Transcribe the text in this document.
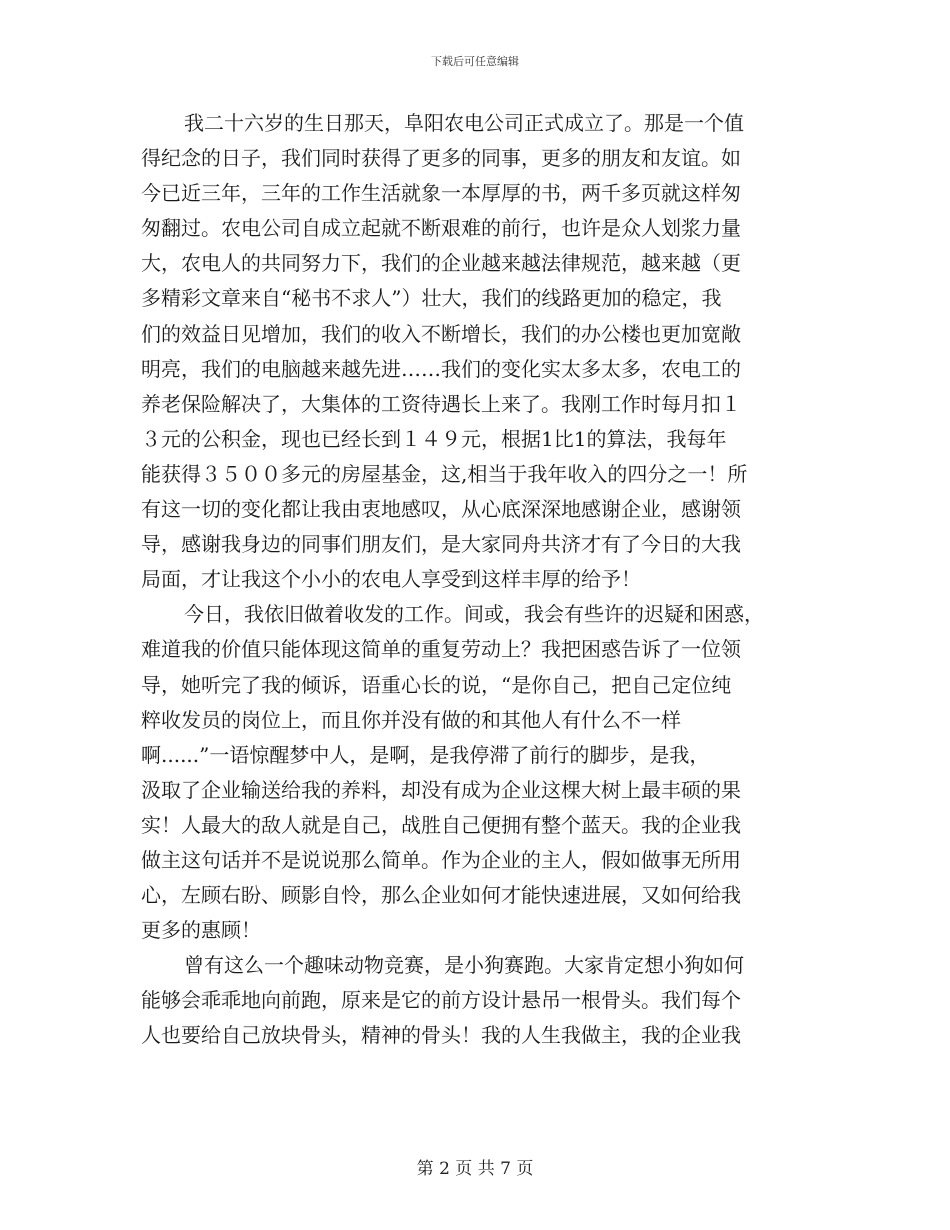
下载后可任意编辑
我二十六岁的生日那天，阜阳农电公司正式成立了。那是一个值
得纪念的日子，我们同时获得了更多的同事，更多的朋友和友谊。如
今已近三年，三年的工作生活就象一本厚厚的书，两千多页就这样匆
匆翻过。农电公司自成立起就不断艰难的前行，也许是众人划浆力量
大，农电人的共同努力下，我们的企业越来越法律规范，越来越（更
多精彩文章来自“秘书不求人”）壮大，我们的线路更加的稳定，我
们的效益日见增加，我们的收入不断增长，我们的办公楼也更加宽敞
明亮，我们的电脑越来越先进……我们的变化实太多太多，农电工的
养老保险解决了，大集体的工资待遇长上来了。我刚工作时每月扣１
３元的公积金，现也已经长到１４９元，根据1比1的算法，我每年
能获得３５００多元的房屋基金，这,相当于我年收入的四分之一！所
有这一切的变化都让我由衷地感叹，从心底深深地感谢企业，感谢领
导，感谢我身边的同事们朋友们，是大家同舟共济才有了今日的大我
局面，才让我这个小小的农电人享受到这样丰厚的给予！
今日，我依旧做着收发的工作。间或，我会有些许的迟疑和困惑，
难道我的价值只能体现这简单的重复劳动上？我把困惑告诉了一位领
导，她听完了我的倾诉，语重心长的说，“是你自己，把自己定位纯
粹收发员的岗位上，而且你并没有做的和其他人有什么不一样
啊......”一语惊醒梦中人，是啊，是我停滞了前行的脚步，是我，
汲取了企业输送给我的养料，却没有成为企业这棵大树上最丰硕的果
实！人最大的敌人就是自己，战胜自己便拥有整个蓝天。我的企业我
做主这句话并不是说说那么简单。作为企业的主人，假如做事无所用
心，左顾右盼、顾影自怜，那么企业如何才能快速进展，又如何给我
更多的惠顾！
曾有这么一个趣味动物竞赛，是小狗赛跑。大家肯定想小狗如何
能够会乖乖地向前跑，原来是它的前方设计悬吊一根骨头。我们每个
人也要给自己放块骨头，精神的骨头！我的人生我做主，我的企业我
第 2 页 共 7 页
